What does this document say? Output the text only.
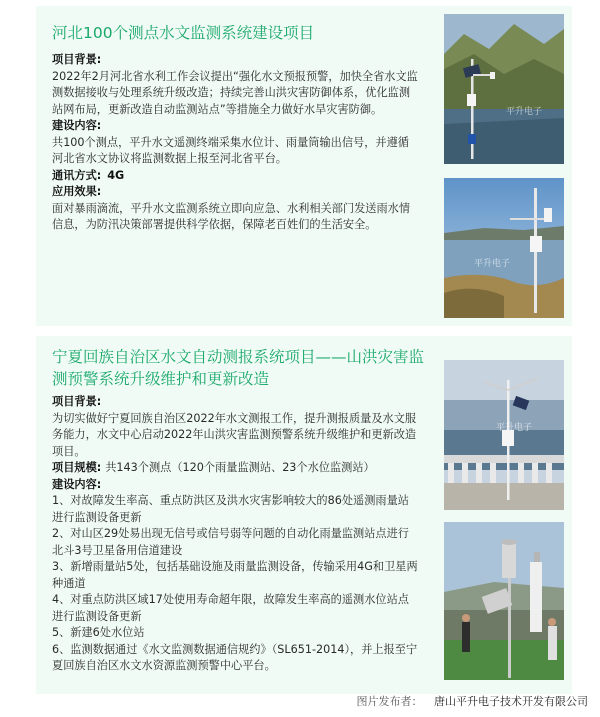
河北100个测点水文监测系统建设项目

项目背景:

2022年2月河北省水利工作会议提出“强化水文预报预警，加快全省水文监测数据接收与处理系统升级改造；持续完善山洪灾害防御体系，优化监测站网布局，更新改造自动监测站点”等措施全力做好水旱灾害防御。

建设内容:

共100个测点，平升水文遥测终端采集水位计、雨量筒输出信号，并遵循河北省水文协议将监测数据上报至河北省平台。

通讯方式: 4G

应用效果:

面对暴雨滴流，平升水文监测系统立即向应急、水利相关部门发送雨水情信息，为防汛决策部署提供科学依据，保障老百姓们的生活安全。

平升电子
平升电子
宁夏回族自治区水文自动测报系统项目——山洪灾害监测预警系统升级维护和更新改造

项目背景:

为切实做好宁夏回族自治区2022年水文测报工作，提升测报质量及水文服务能力，水文中心启动2022年山洪灾害监测预警系统升级维护和更新改造项目。

项目规模: 共143个测点（120个雨量监测站、23个水位监测站）

建设内容:

1、对故障发生率高、重点防洪区及洪水灾害影响较大的86处遥测雨量站进行监测设备更新

2、对山区29处易出现无信号或信号弱等问题的自动化雨量监测站点进行北斗3号卫星备用信道建设

3、新增雨量站5处，包括基础设施及雨量监测设备，传输采用4G和卫星两种通道

4、对重点防洪区域17处使用寿命超年限，故障发生率高的遥测水位站点进行监测设备更新

5、新建6处水位站

6、监测数据通过《水文监测数据通信规约》（SL651-2014），并上报至宁夏回族自治区水文水资源监测预警中心平台。

平升电子
图片发布者： 唐山平升电子技术开发有限公司
